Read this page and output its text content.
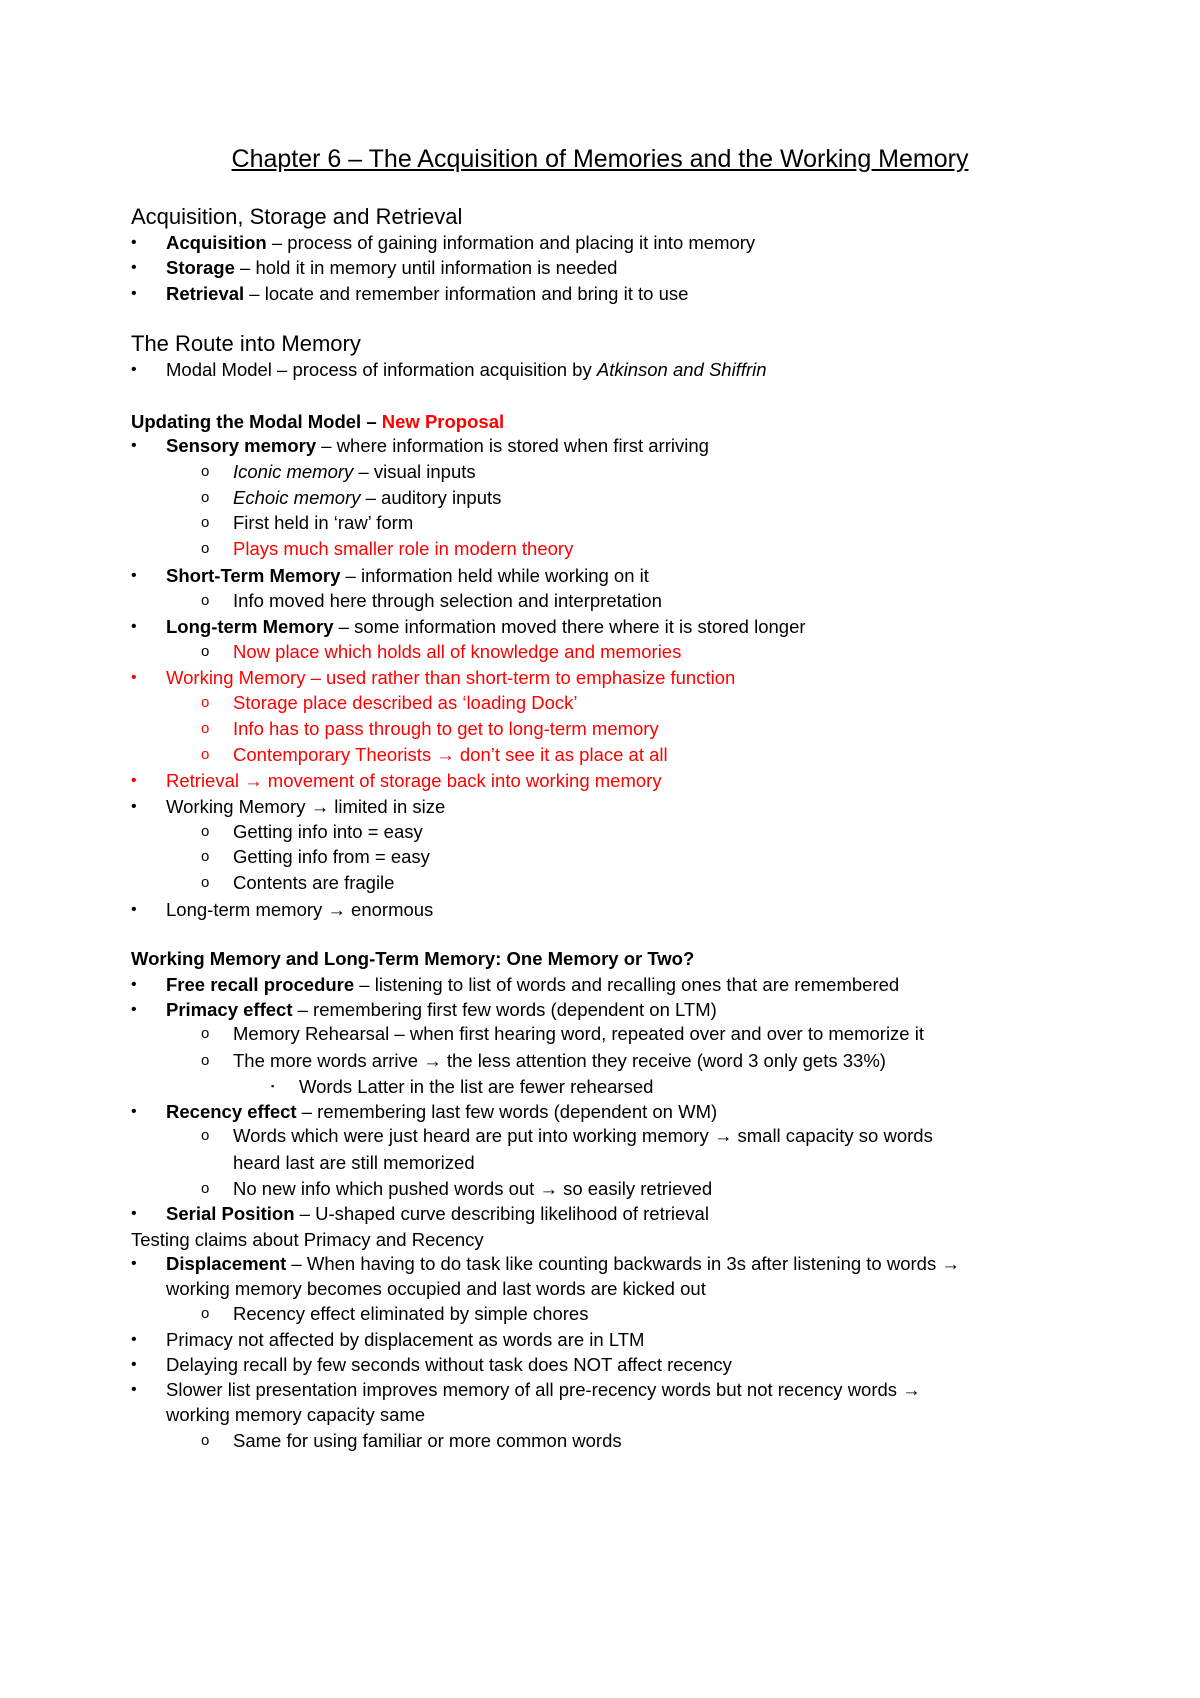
Chapter 6 – The Acquisition of Memories and the Working Memory
Acquisition, Storage and Retrieval
• Acquisition – process of gaining information and placing it into memory
• Storage – hold it in memory until information is needed
• Retrieval – locate and remember information and bring it to use
The Route into Memory
• Modal Model – process of information acquisition by Atkinson and Shiffrin
Updating the Modal Model – New Proposal
• Sensory memory – where information is stored when first arriving
o Iconic memory – visual inputs
o Echoic memory – auditory inputs
o First held in ‘raw’ form
o Plays much smaller role in modern theory
• Short-Term Memory – information held while working on it
o Info moved here through selection and interpretation
• Long-term Memory – some information moved there where it is stored longer
o Now place which holds all of knowledge and memories
• Working Memory – used rather than short-term to emphasize function
o Storage place described as ‘loading Dock’
o Info has to pass through to get to long-term memory
o Contemporary Theorists → don’t see it as place at all
• Retrieval → movement of storage back into working memory
• Working Memory → limited in size
o Getting info into = easy
o Getting info from = easy
o Contents are fragile
• Long-term memory → enormous
Working Memory and Long-Term Memory: One Memory or Two?
• Free recall procedure – listening to list of words and recalling ones that are remembered
• Primacy effect – remembering first few words (dependent on LTM)
o Memory Rehearsal – when first hearing word, repeated over and over to memorize it
o The more words arrive → the less attention they receive (word 3 only gets 33%)
▪ Words Latter in the list are fewer rehearsed
• Recency effect – remembering last few words (dependent on WM)
o Words which were just heard are put into working memory → small capacity so words
heard last are still memorized
o No new info which pushed words out → so easily retrieved
• Serial Position – U-shaped curve describing likelihood of retrieval
Testing claims about Primacy and Recency
• Displacement – When having to do task like counting backwards in 3s after listening to words →
working memory becomes occupied and last words are kicked out
o Recency effect eliminated by simple chores
• Primacy not affected by displacement as words are in LTM
• Delaying recall by few seconds without task does NOT affect recency
• Slower list presentation improves memory of all pre-recency words but not recency words →
working memory capacity same
o Same for using familiar or more common words
